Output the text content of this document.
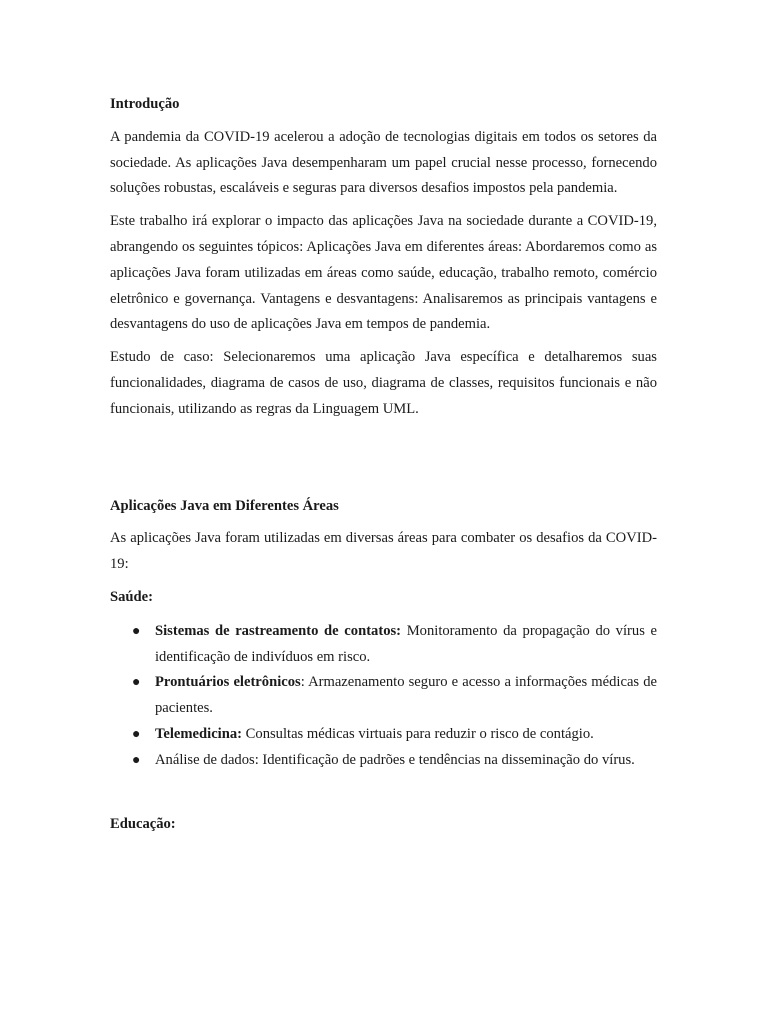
Introdução

A pandemia da COVID-19 acelerou a adoção de tecnologias digitais em todos os setores da sociedade. As aplicações Java desempenharam um papel crucial nesse processo, fornecendo soluções robustas, escaláveis e seguras para diversos desafios impostos pela pandemia.

Este trabalho irá explorar o impacto das aplicações Java na sociedade durante a COVID-19, abrangendo os seguintes tópicos: Aplicações Java em diferentes áreas: Abordaremos como as aplicações Java foram utilizadas em áreas como saúde, educação, trabalho remoto, comércio eletrônico e governança. Vantagens e desvantagens: Analisaremos as principais vantagens e desvantagens do uso de aplicações Java em tempos de pandemia.

Estudo de caso: Selecionaremos uma aplicação Java específica e detalharemos suas funcionalidades, diagrama de casos de uso, diagrama de classes, requisitos funcionais e não funcionais, utilizando as regras da Linguagem UML.

Aplicações Java em Diferentes Áreas

As aplicações Java foram utilizadas em diversas áreas para combater os desafios da COVID-19:

Saúde:
● Sistemas de rastreamento de contatos: Monitoramento da propagação do vírus e identificação de indivíduos em risco.
● Prontuários eletrônicos: Armazenamento seguro e acesso a informações médicas de pacientes.
● Telemedicina: Consultas médicas virtuais para reduzir o risco de contágio.
● Análise de dados: Identificação de padrões e tendências na disseminação do vírus.
Educação:
